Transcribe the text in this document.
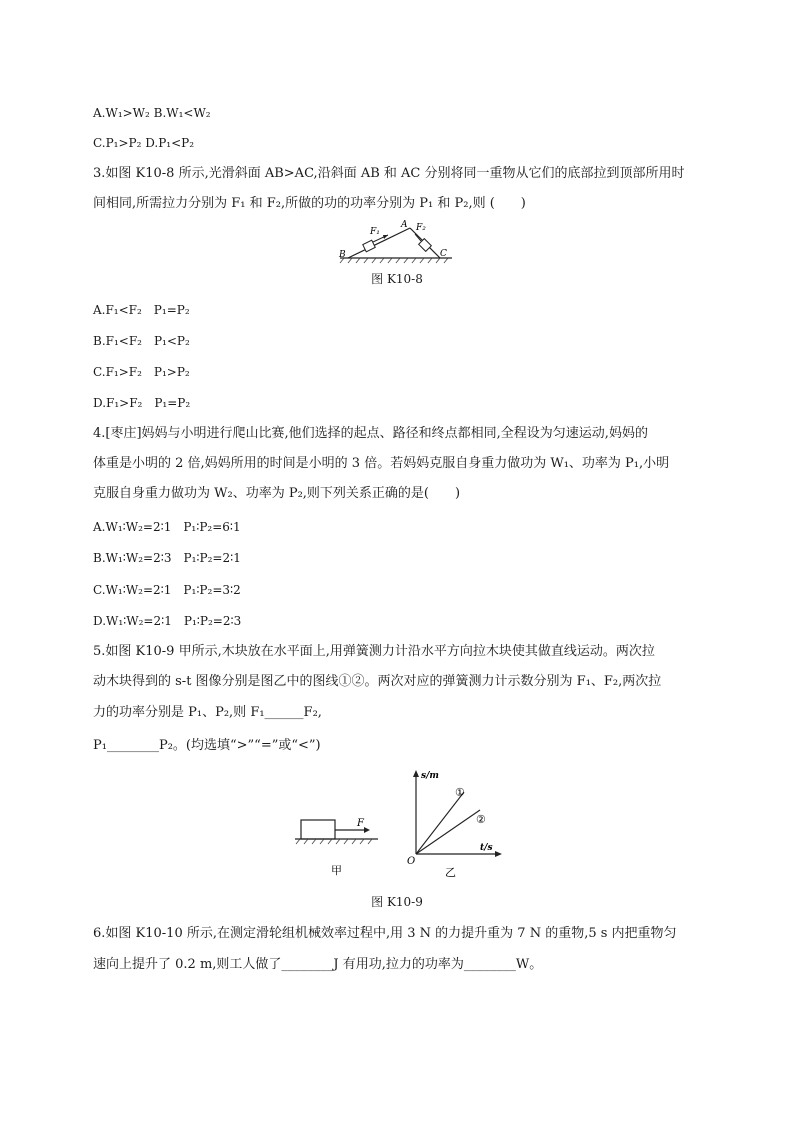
A.W₁>W₂ B.W₁<W₂
C.P₁>P₂ D.P₁<P₂
3.如图 K10-8 所示,光滑斜面 AB>AC,沿斜面 AB 和 AC 分别将同一重物从它们的底部拉到顶部所用时
间相同,所需拉力分别为 F₁ 和 F₂,所做的功的功率分别为 P₁ 和 P₂,则 (　　)
B
A
C
F₁	F₂
图 K10-8
A.F₁<F₂　P₁=P₂
B.F₁<F₂　P₁<P₂
C.F₁>F₂　P₁>P₂
D.F₁>F₂　P₁=P₂
4.[枣庄]妈妈与小明进行爬山比赛,他们选择的起点、路径和终点都相同,全程设为匀速运动,妈妈的
体重是小明的 2 倍,妈妈所用的时间是小明的 3 倍。若妈妈克服自身重力做功为 W₁、功率为 P₁,小明
克服自身重力做功为 W₂、功率为 P₂,则下列关系正确的是(　　)
A.W₁∶W₂=2∶1　P₁∶P₂=6∶1
B.W₁∶W₂=2∶3　P₁∶P₂=2∶1
C.W₁∶W₂=2∶1　P₁∶P₂=3∶2
D.W₁∶W₂=2∶1　P₁∶P₂=2∶3
5.如图 K10-9 甲所示,木块放在水平面上,用弹簧测力计沿水平方向拉木块使其做直线运动。两次拉
动木块得到的 s-t 图像分别是图乙中的图线①②。两次对应的弹簧测力计示数分别为 F₁、F₂,两次拉
力的功率分别是 P₁、P₂,则 F₁______F₂,
P₁________P₂。(均选填“>”“=”或“<”)
F
甲
s/m
t/s
O
①
②
乙
图 K10-9
6.如图 K10-10 所示,在测定滑轮组机械效率过程中,用 3 N 的力提升重为 7 N 的重物,5 s 内把重物匀
速向上提升了 0.2 m,则工人做了________J 有用功,拉力的功率为________W。
